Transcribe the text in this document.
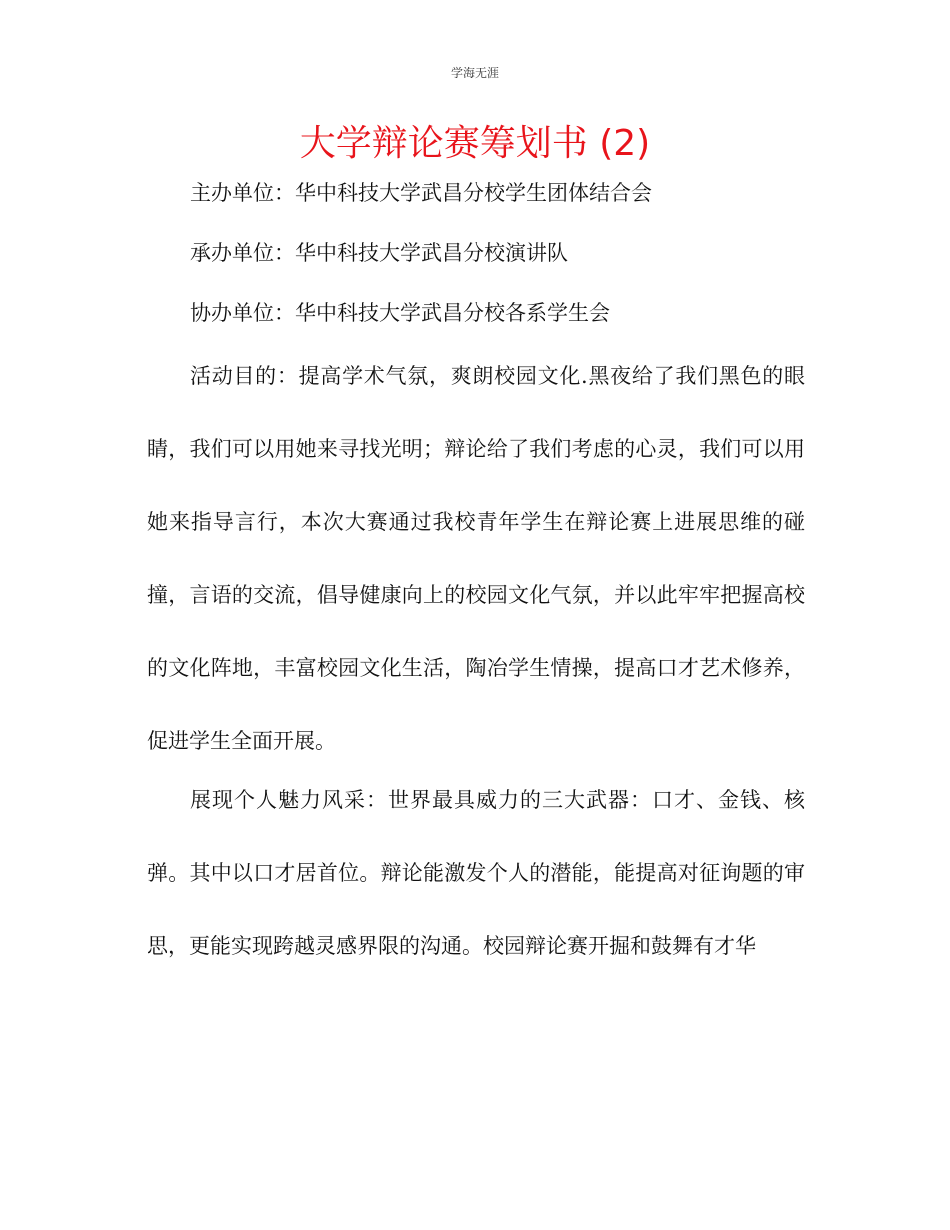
学海无涯
大学辩论赛筹划书 (2)
主办单位：华中科技大学武昌分校学生团体结合会
承办单位：华中科技大学武昌分校演讲队
协办单位：华中科技大学武昌分校各系学生会

活动目的：提高学术气氛，爽朗校园文化.黑夜给了我们黑色的眼睛，我们可以用她来寻找光明；辩论给了我们考虑的心灵，我们可以用她来指导言行，本次大赛通过我校青年学生在辩论赛上进展思维的碰撞，言语的交流，倡导健康向上的校园文化气氛，并以此牢牢把握高校的文化阵地，丰富校园文化生活，陶冶学生情操，提高口才艺术修养，促进学生全面开展。

展现个人魅力风采：世界最具威力的三大武器：口才、金钱、核弹。其中以口才居首位。辩论能激发个人的潜能，能提高对征询题的审思，更能实现跨越灵感界限的沟通。校园辩论赛开掘和鼓舞有才华
